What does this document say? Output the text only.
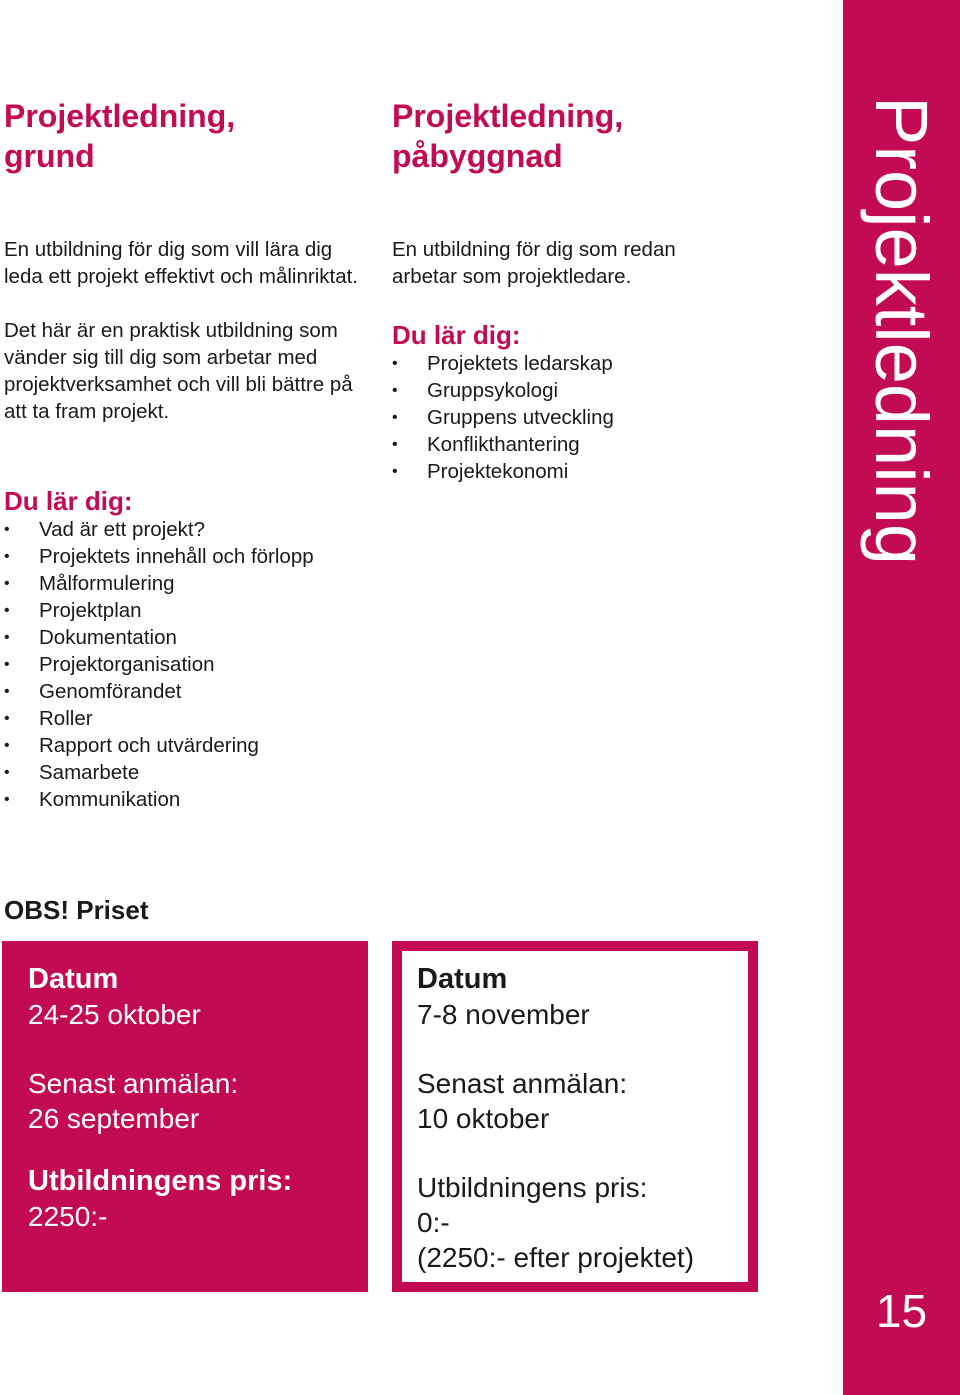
Projektledning, grund

En utbildning för dig som vill lära dig leda ett projekt effektivt och målinriktat.

Det här är en praktisk utbildning som vänder sig till dig som arbetar med projektverksamhet och vill bli bättre på att ta fram projekt.

Du lär dig:
• Vad är ett projekt?
• Projektets innehåll och förlopp
• Målformulering
• Projektplan
• Dokumentation
• Projektorganisation
• Genomförandet
• Roller
• Rapport och utvärdering
• Samarbete
• Kommunikation
Projektledning, påbyggnad

En utbildning för dig som redan arbetar som projektledare.

Du lär dig:
• Projektets ledarskap
• Gruppsykologi
• Gruppens utveckling
• Konflikthantering
• Projektekonomi

OBS! Priset

Datum
24-25 oktober
Senast anmälan:
26 september
Utbildningens pris:
2250:-
Datum
7-8 november
Senast anmälan:
10 oktober
Utbildningens pris:
0:-
(2250:- efter projektet)
Projektledning
15
